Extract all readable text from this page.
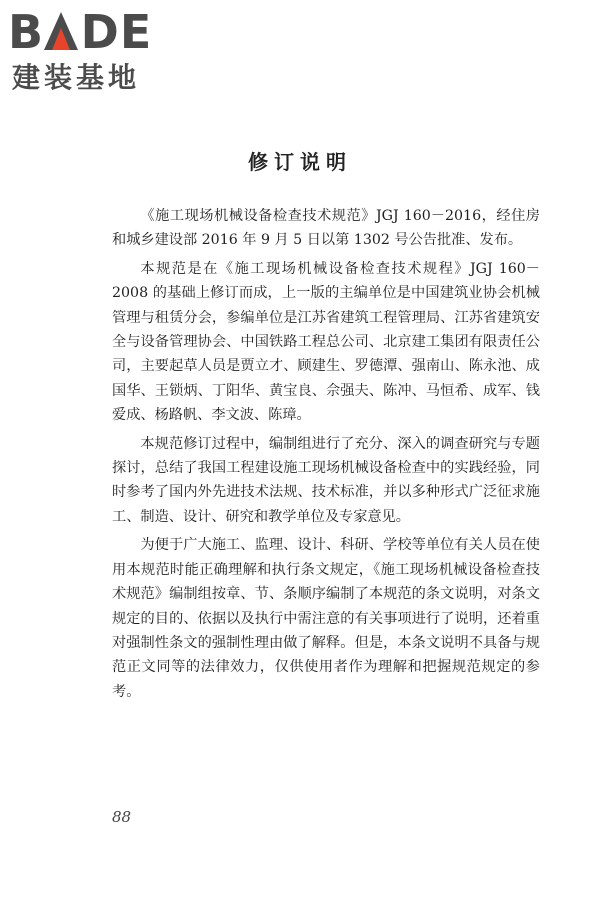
B DE
建装基地
修订说明

《施工现场机械设备检查技术规范》JGJ 160－2016，经住房和城乡建设部 2016 年 9 月 5 日以第 1302 号公告批准、发布。

本规范是在《施工现场机械设备检查技术规程》JGJ 160－2008 的基础上修订而成，上一版的主编单位是中国建筑业协会机械管理与租赁分会，参编单位是江苏省建筑工程管理局、江苏省建筑安全与设备管理协会、中国铁路工程总公司、北京建工集团有限责任公司，主要起草人员是贾立才、顾建生、罗德潭、强南山、陈永池、成国华、王锁炳、丁阳华、黄宝良、佘强夫、陈冲、马恒希、成军、钱爱成、杨路帆、李文波、陈璋。

本规范修订过程中，编制组进行了充分、深入的调查研究与专题探讨，总结了我国工程建设施工现场机械设备检查中的实践经验，同时参考了国内外先进技术法规、技术标准，并以多种形式广泛征求施工、制造、设计、研究和教学单位及专家意见。

为便于广大施工、监理、设计、科研、学校等单位有关人员在使用本规范时能正确理解和执行条文规定，《施工现场机械设备检查技术规范》编制组按章、节、条顺序编制了本规范的条文说明，对条文规定的目的、依据以及执行中需注意的有关事项进行了说明，还着重对强制性条文的强制性理由做了解释。但是，本条文说明不具备与规范正文同等的法律效力，仅供使用者作为理解和把握规范规定的参考。

88
